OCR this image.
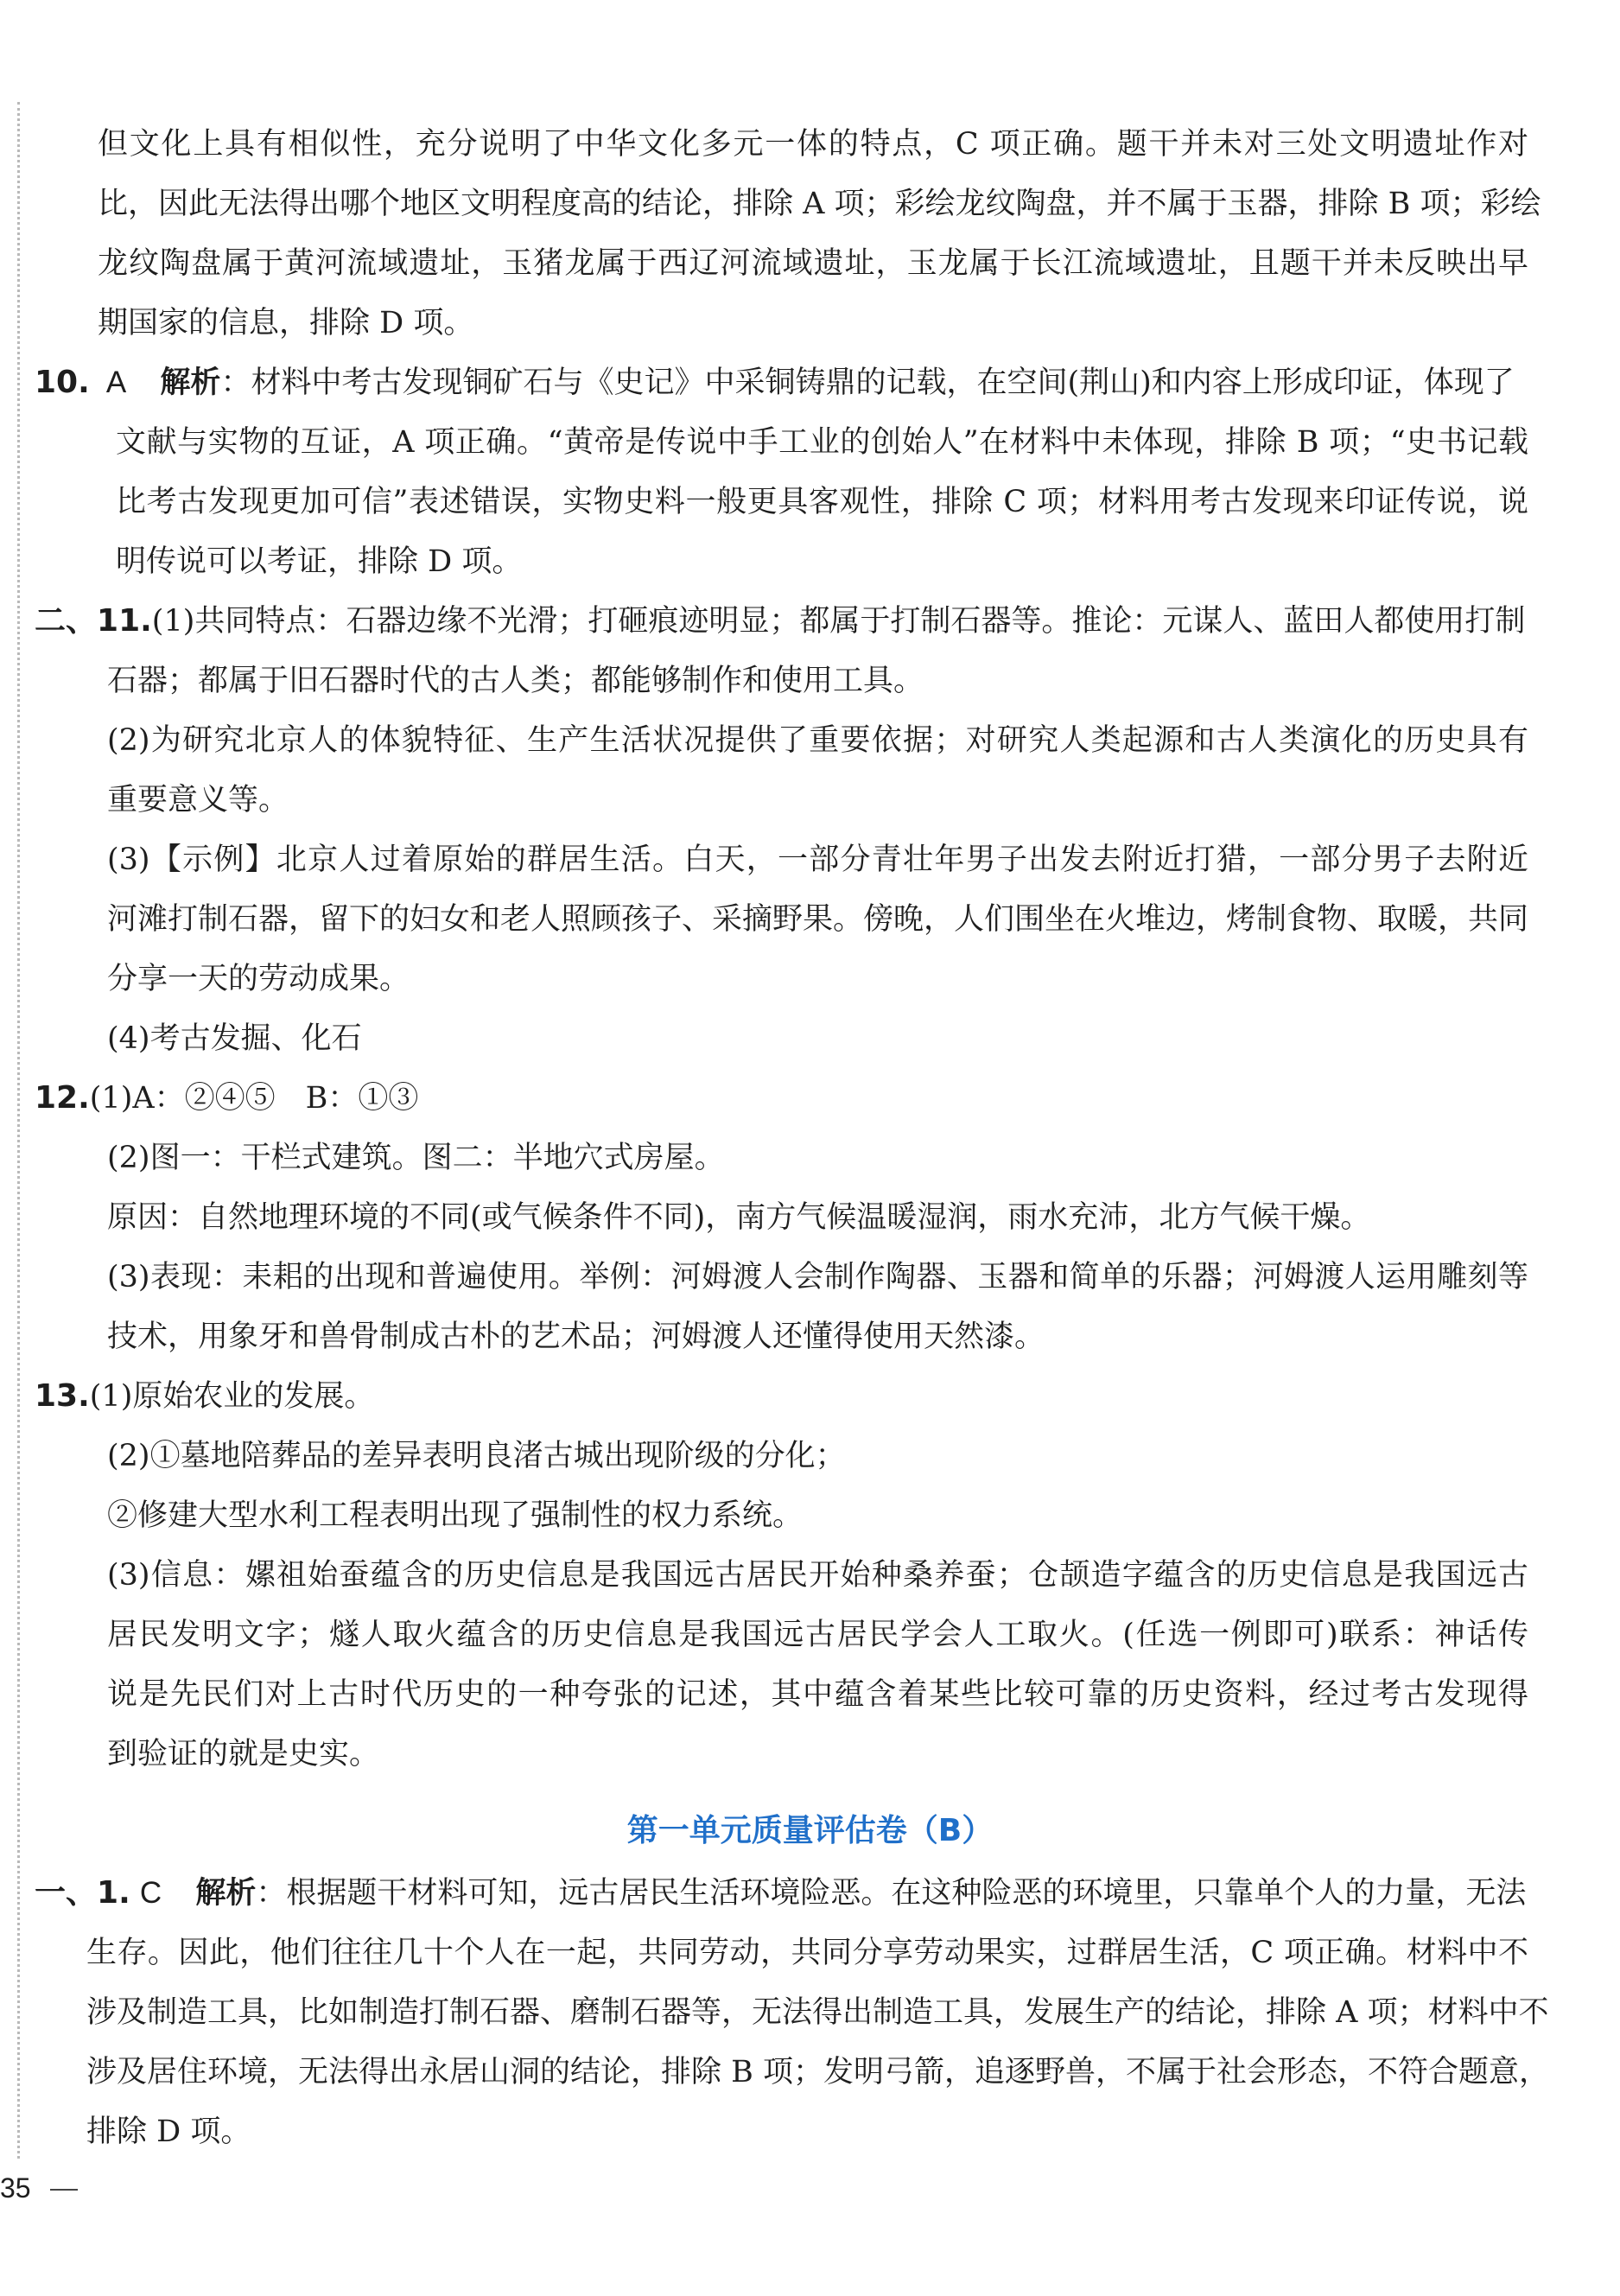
但文化上具有相似性，充分说明了中华文化多元一体的特点，C 项正确。题干并未对三处文明遗址作对
比，因此无法得出哪个地区文明程度高的结论，排除 A 项；彩绘龙纹陶盘，并不属于玉器，排除 B 项；彩绘
龙纹陶盘属于黄河流域遗址，玉猪龙属于西辽河流域遗址，玉龙属于长江流域遗址，且题干并未反映出早
期国家的信息，排除 D 项。
10. A 解析：材料中考古发现铜矿石与《史记》中采铜铸鼎的记载，在空间(荆山)和内容上形成印证，体现了
文献与实物的互证，A 项正确。“黄帝是传说中手工业的创始人”在材料中未体现，排除 B 项；“史书记载
比考古发现更加可信”表述错误，实物史料一般更具客观性，排除 C 项；材料用考古发现来印证传说，说
明传说可以考证，排除 D 项。
二、11.(1)共同特点：石器边缘不光滑；打砸痕迹明显；都属于打制石器等。推论：元谋人、蓝田人都使用打制
石器；都属于旧石器时代的古人类；都能够制作和使用工具。
(2)为研究北京人的体貌特征、生产生活状况提供了重要依据；对研究人类起源和古人类演化的历史具有
重要意义等。
(3)【示例】北京人过着原始的群居生活。白天，一部分青壮年男子出发去附近打猎，一部分男子去附近
河滩打制石器，留下的妇女和老人照顾孩子、采摘野果。傍晚，人们围坐在火堆边，烤制食物、取暖，共同
分享一天的劳动成果。
(4)考古发掘、化石
12.(1)A：②④⑤　B：①③
(2)图一：干栏式建筑。图二：半地穴式房屋。
原因：自然地理环境的不同(或气候条件不同)，南方气候温暖湿润，雨水充沛，北方气候干燥。
(3)表现：耒耜的出现和普遍使用。举例：河姆渡人会制作陶器、玉器和简单的乐器；河姆渡人运用雕刻等
技术，用象牙和兽骨制成古朴的艺术品；河姆渡人还懂得使用天然漆。
13.(1)原始农业的发展。
(2)①墓地陪葬品的差异表明良渚古城出现阶级的分化；
②修建大型水利工程表明出现了强制性的权力系统。
(3)信息：嫘祖始蚕蕴含的历史信息是我国远古居民开始种桑养蚕；仓颉造字蕴含的历史信息是我国远古
居民发明文字；燧人取火蕴含的历史信息是我国远古居民学会人工取火。(任选一例即可)联系：神话传
说是先民们对上古时代历史的一种夸张的记述，其中蕴含着某些比较可靠的历史资料，经过考古发现得
到验证的就是史实。
第一单元质量评估卷（B）
一、1. C 解析：根据题干材料可知，远古居民生活环境险恶。在这种险恶的环境里，只靠单个人的力量，无法
生存。因此，他们往往几十个人在一起，共同劳动，共同分享劳动果实，过群居生活，C 项正确。材料中不
涉及制造工具，比如制造打制石器、磨制石器等，无法得出制造工具，发展生产的结论，排除 A 项；材料中不
涉及居住环境，无法得出永居山洞的结论，排除 B 项；发明弓箭，追逐野兽，不属于社会形态，不符合题意，
排除 D 项。
35
